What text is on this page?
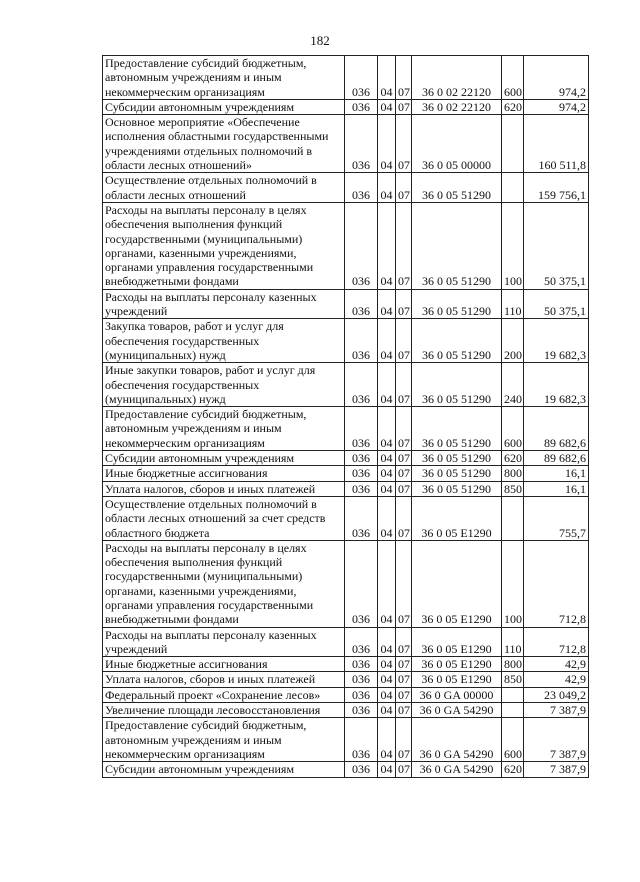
182
Предоставление субсидий бюджетным, автономным учреждениям и иным некоммерческим организациям	036	04	07	36 0 02 22120	600	974,2
Субсидии автономным учреждениям	036	04	07	36 0 02 22120	620	974,2
Основное мероприятие «Обеспечение исполнения областными государственными учреждениями отдельных полномочий в области лесных отношений»	036	04	07	36 0 05 00000		160 511,8
Осуществление отдельных полномочий в области лесных отношений	036	04	07	36 0 05 51290		159 756,1
Расходы на выплаты персоналу в целях обеспечения выполнения функций государственными (муниципальными) органами, казенными учреждениями, органами управления государственными внебюджетными фондами	036	04	07	36 0 05 51290	100	50 375,1
Расходы на выплаты персоналу казенных учреждений	036	04	07	36 0 05 51290	110	50 375,1
Закупка товаров, работ и услуг для обеспечения государственных (муниципальных) нужд	036	04	07	36 0 05 51290	200	19 682,3
Иные закупки товаров, работ и услуг для обеспечения государственных (муниципальных) нужд	036	04	07	36 0 05 51290	240	19 682,3
Предоставление субсидий бюджетным, автономным учреждениям и иным некоммерческим организациям	036	04	07	36 0 05 51290	600	89 682,6
Субсидии автономным учреждениям	036	04	07	36 0 05 51290	620	89 682,6
Иные бюджетные ассигнования	036	04	07	36 0 05 51290	800	16,1
Уплата налогов, сборов и иных платежей	036	04	07	36 0 05 51290	850	16,1
Осуществление отдельных полномочий в области лесных отношений за счет средств областного бюджета	036	04	07	36 0 05 E1290		755,7
Расходы на выплаты персоналу в целях обеспечения выполнения функций государственными (муниципальными) органами, казенными учреждениями, органами управления государственными внебюджетными фондами	036	04	07	36 0 05 E1290	100	712,8
Расходы на выплаты персоналу казенных учреждений	036	04	07	36 0 05 E1290	110	712,8
Иные бюджетные ассигнования	036	04	07	36 0 05 E1290	800	42,9
Уплата налогов, сборов и иных платежей	036	04	07	36 0 05 E1290	850	42,9
Федеральный проект «Сохранение лесов»	036	04	07	36 0 GA 00000		23 049,2
Увеличение площади лесовосстановления	036	04	07	36 0 GA 54290		7 387,9
Предоставление субсидий бюджетным, автономным учреждениям и иным некоммерческим организациям	036	04	07	36 0 GA 54290	600	7 387,9
Субсидии автономным учреждениям	036	04	07	36 0 GA 54290	620	7 387,9
